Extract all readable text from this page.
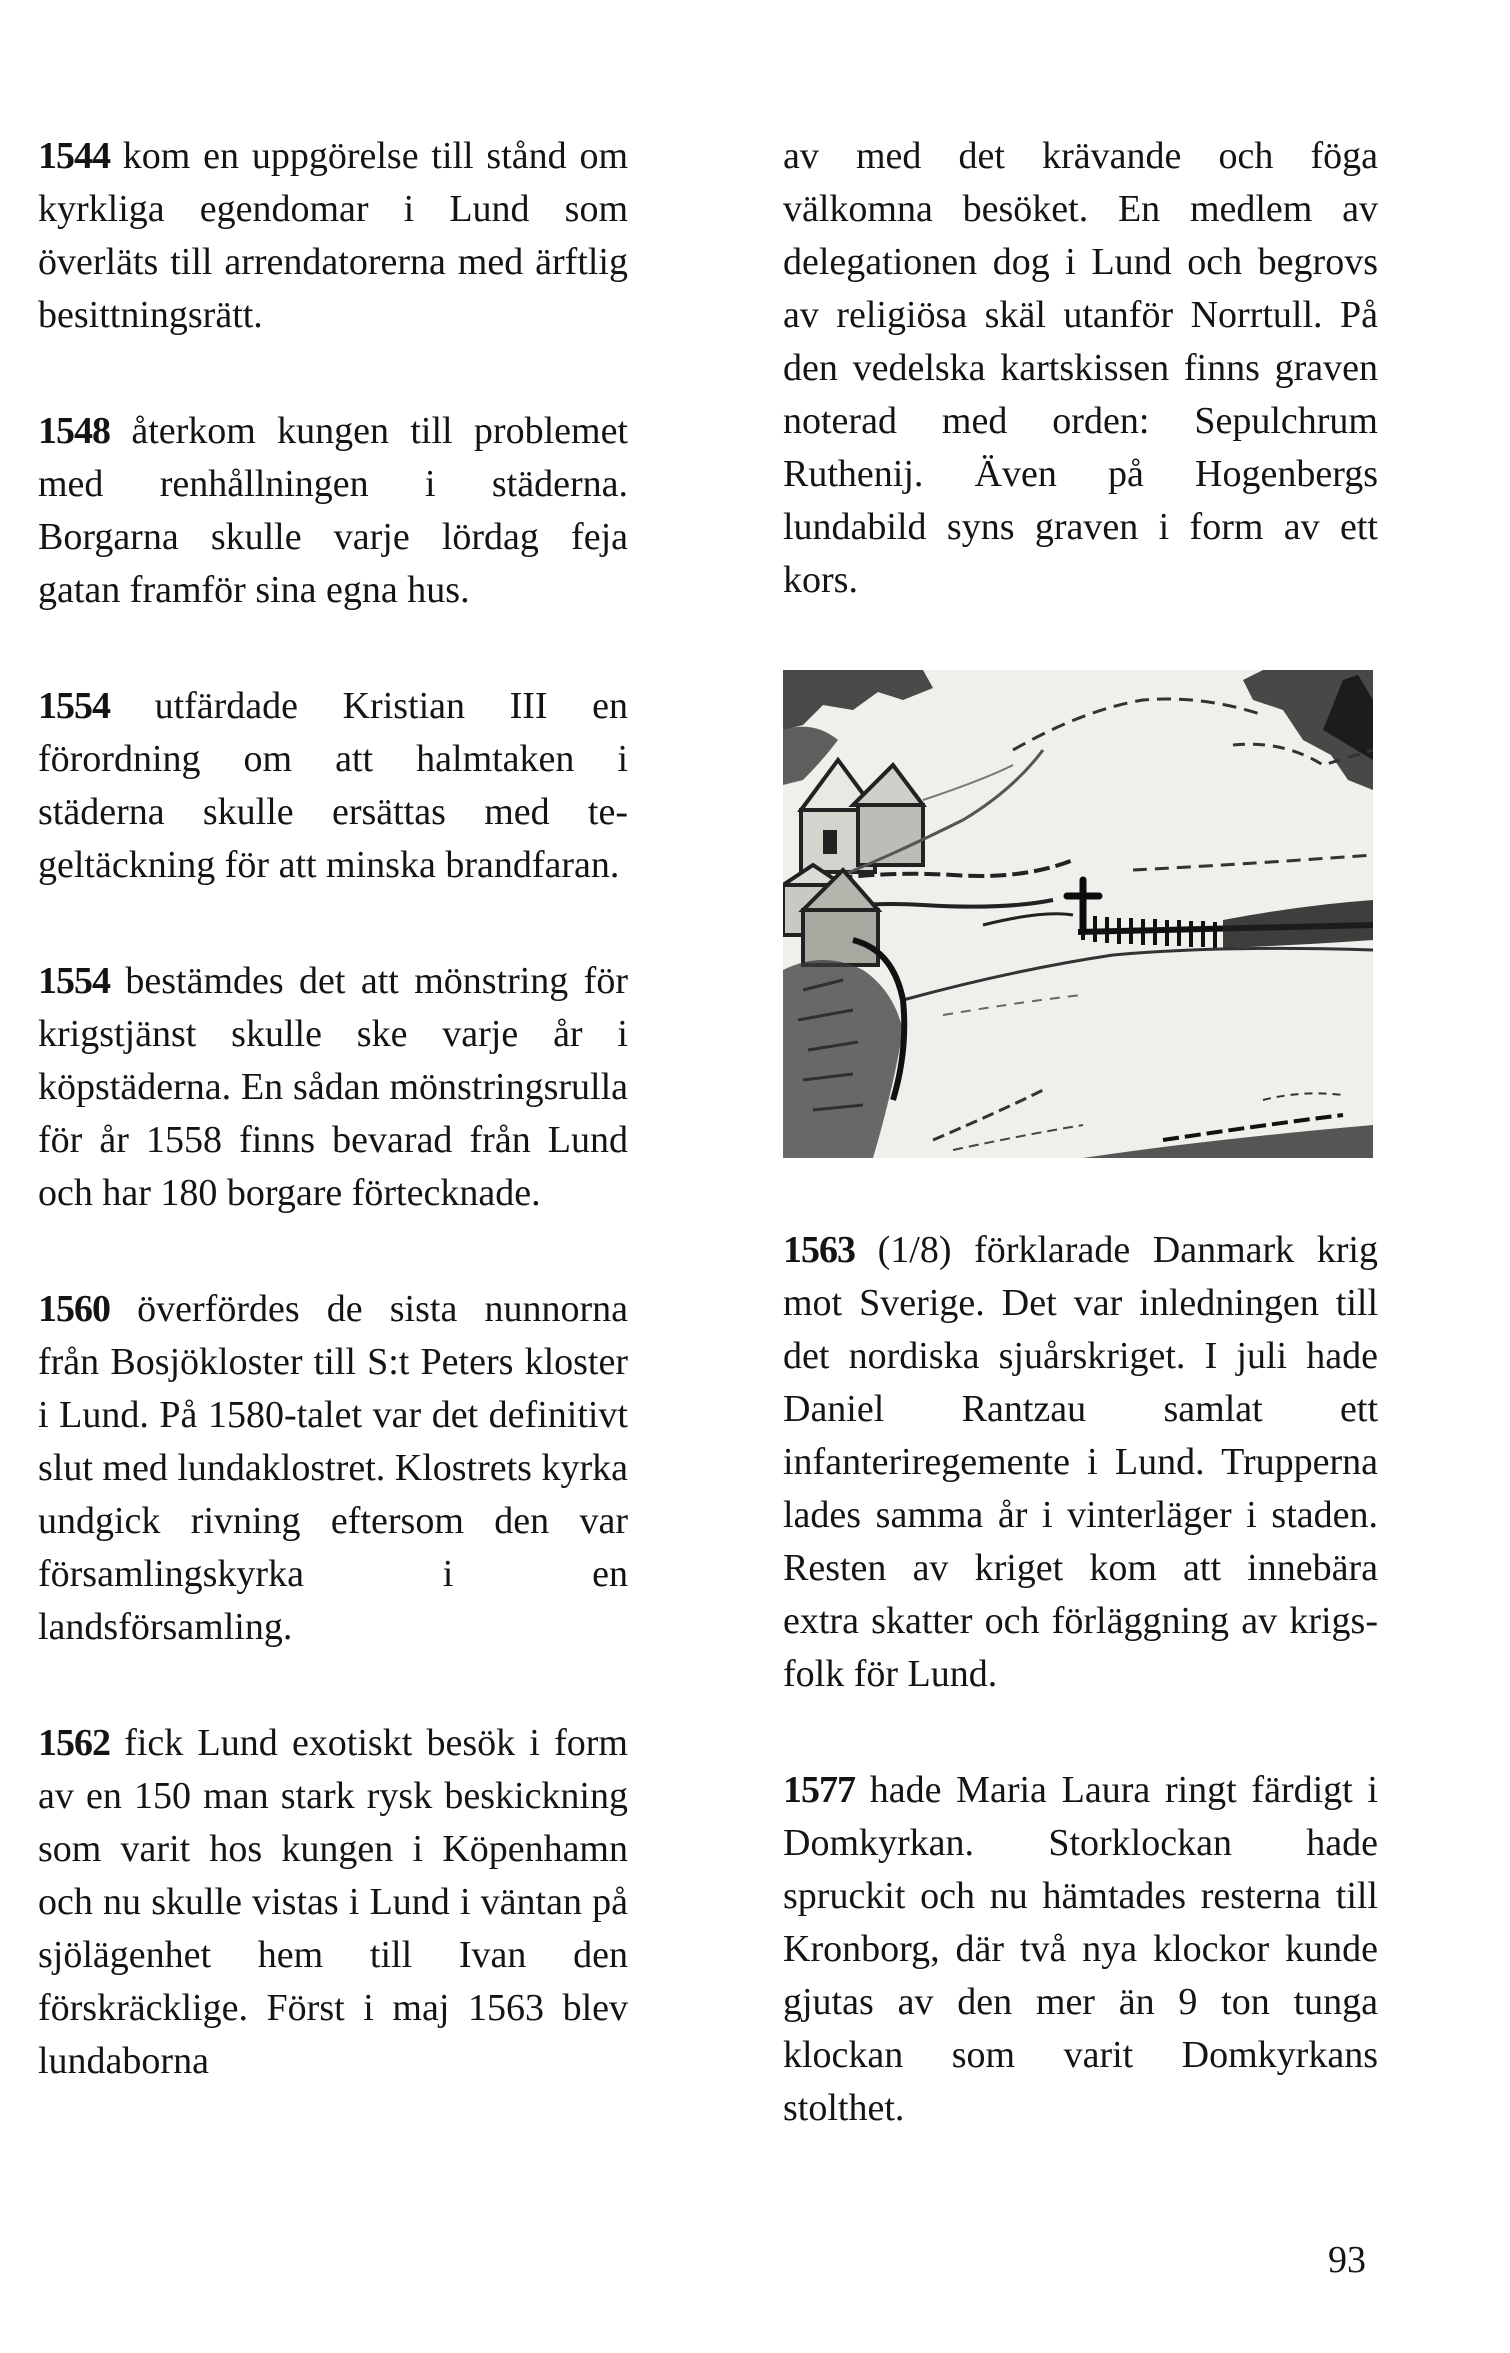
1544 kom en uppgörelse till stånd om kyrkliga egendomar i Lund som överläts till arrendatorerna med ärftlig besittningsrätt.

1548 återkom kungen till problemet med renhållningen i städerna. Borgarna skulle varje lördag feja gatan framför sina egna hus.

1554 utfärdade Kristian III en förordning om att halmtaken i städerna skulle ersättas med tegeltäckning för att minska brandfaran.

1554 bestämdes det att mönstring för krigstjänst skulle ske varje år i köpstäderna. En sådan mönstringsrulla för år 1558 finns bevarad från Lund och har 180 borgare förtecknade.

1560 överfördes de sista nunnorna från Bosjökloster till S:t Peters kloster i Lund. På 1580-talet var det definitivt slut med lundaklostret. Klostrets kyrka undgick rivning eftersom den var församlingskyrka i en landsförsamling.

1562 fick Lund exotiskt besök i form av en 150 man stark rysk beskickning som varit hos kungen i Köpenhamn och nu skulle vistas i Lund i väntan på sjölägenhet hem till Ivan den förskräcklige. Först i maj 1563 blev lundaborna

av med det krävande och föga välkomna besöket. En medlem av delegationen dog i Lund och begrovs av religiösa skäl utanför Norrtull. På den vedelska kartskissen finns graven noterad med orden: Sepulchrum Ruthenij. Även på Hogenbergs lundabild syns graven i form av ett kors.

1563 (1/8) förklarade Danmark krig mot Sverige. Det var inledningen till det nordiska sjuårskriget. I juli hade Daniel Rantzau samlat ett infanteriregemente i Lund. Trupperna lades samma år i vinterläger i staden. Resten av kriget kom att innebära extra skatter och förläggning av krigsfolk för Lund.

1577 hade Maria Laura ringt färdigt i Domkyrkan. Storklockan hade spruckit och nu hämtades resterna till Kronborg, där två nya klockor kunde gjutas av den mer än 9 ton tunga klockan som varit Domkyrkans stolthet.

93
